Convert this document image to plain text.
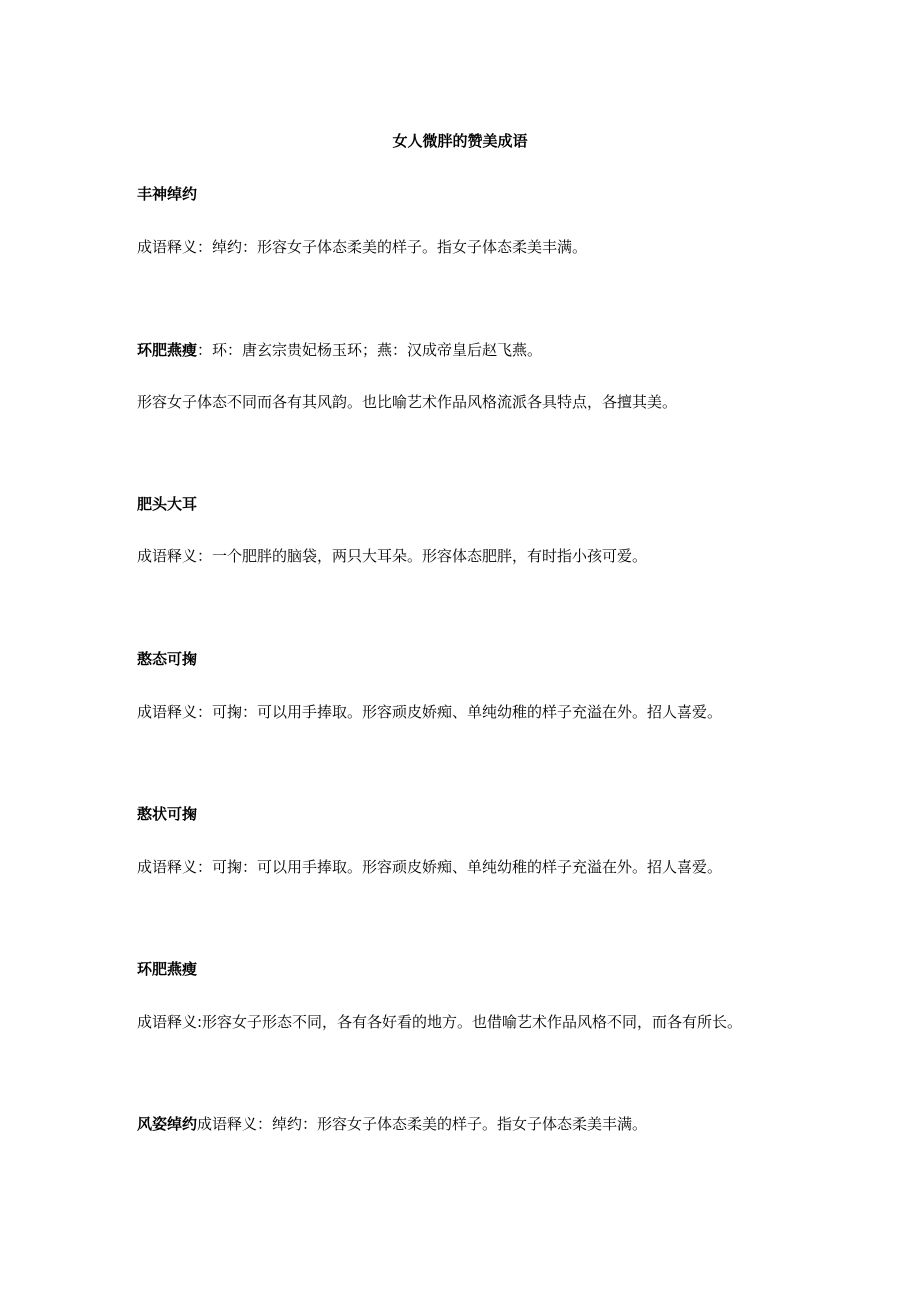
女人微胖的赞美成语
丰神绰约
成语释义：绰约：形容女子体态柔美的样子。指女子体态柔美丰满。
环肥燕瘦：环：唐玄宗贵妃杨玉环；燕：汉成帝皇后赵飞燕。
形容女子体态不同而各有其风韵。也比喻艺术作品风格流派各具特点，各擅其美。
肥头大耳
成语释义：一个肥胖的脑袋，两只大耳朵。形容体态肥胖，有时指小孩可爱。
憨态可掬
成语释义：可掬：可以用手捧取。形容顽皮娇痴、单纯幼稚的样子充溢在外。招人喜爱。
憨状可掬
成语释义：可掬：可以用手捧取。形容顽皮娇痴、单纯幼稚的样子充溢在外。招人喜爱。
环肥燕瘦
成语释义:形容女子形态不同，各有各好看的地方。也借喻艺术作品风格不同，而各有所长。
风姿绰约成语释义：绰约：形容女子体态柔美的样子。指女子体态柔美丰满。
